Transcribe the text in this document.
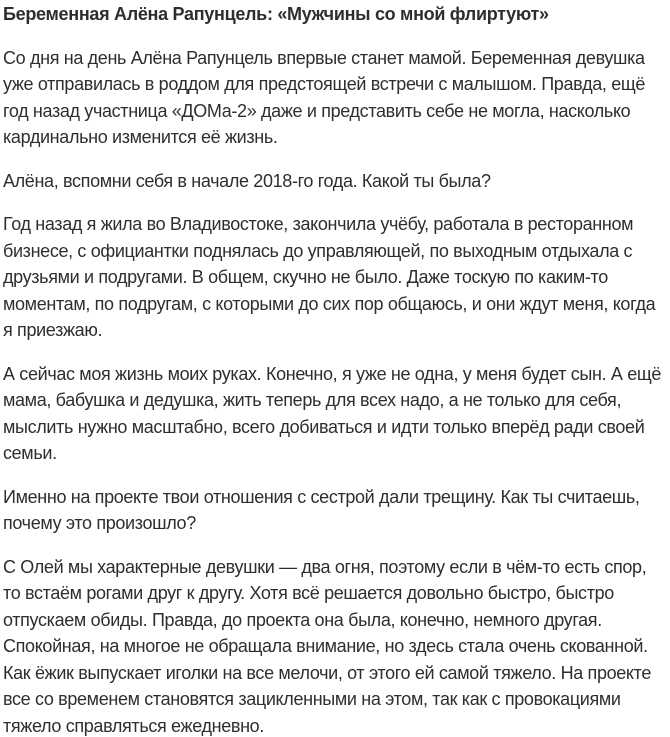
Беременная Алёна Рапунцель: «Мужчины со мной флиртуют»

Со дня на день Алёна Рапунцель впервые станет мамой. Беременная девушка уже отправилась в роддом для предстоящей встречи с малышом. Правда, ещё год назад участница «ДОМа-2» даже и представить себе не могла, насколько кардинально изменится её жизнь.

Алёна, вспомни себя в начале 2018-го года. Какой ты была?

Год назад я жила во Владивостоке, закончила учёбу, работала в ресторанном бизнесе, с официантки поднялась до управляющей, по выходным отдыхала с друзьями и подругами. В общем, скучно не было. Даже тоскую по каким-то моментам, по подругам, с которыми до сих пор общаюсь, и они ждут меня, когда я приезжаю.

А сейчас моя жизнь моих руках. Конечно, я уже не одна, у меня будет сын. А ещё мама, бабушка и дедушка, жить теперь для всех надо, а не только для себя, мыслить нужно масштабно, всего добиваться и идти только вперёд ради своей семьи.

Именно на проекте твои отношения с сестрой дали трещину. Как ты считаешь, почему это произошло?

С Олей мы характерные девушки — два огня, поэтому если в чём-то есть спор, то встаём рогами друг к другу. Хотя всё решается довольно быстро, быстро отпускаем обиды. Правда, до проекта она была, конечно, немного другая. Спокойная, на многое не обращала внимание, но здесь стала очень скованной. Как ёжик выпускает иголки на все мелочи, от этого ей самой тяжело. На проекте все со временем становятся зацикленными на этом, так как с провокациями тяжело справляться ежедневно.
